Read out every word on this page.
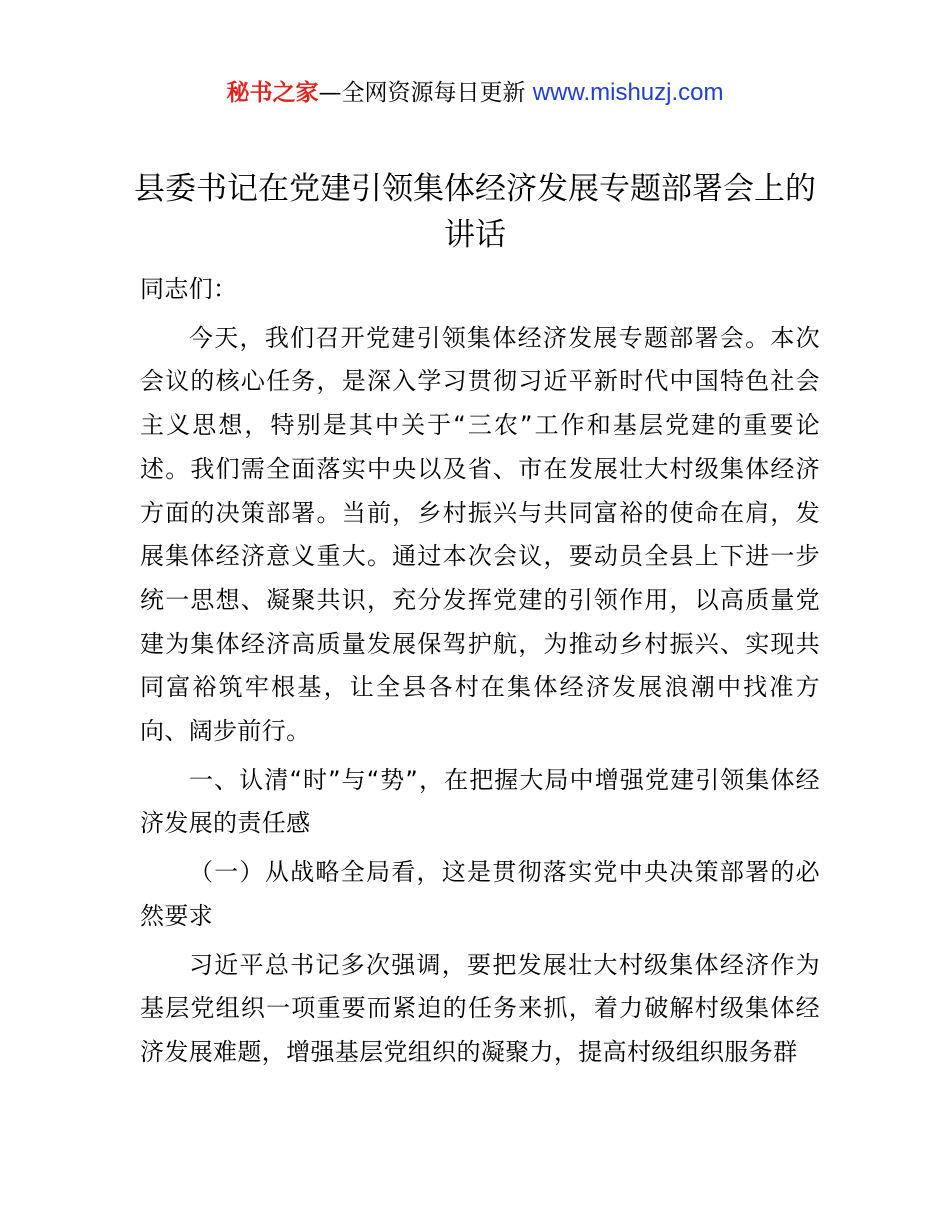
秘书之家—全网资源每日更新 www.mishuzj.com
县委书记在党建引领集体经济发展专题部署会上的讲话

同志们：

今天，我们召开党建引领集体经济发展专题部署会。本次会议的核心任务，是深入学习贯彻习近平新时代中国特色社会主义思想，特别是其中关于“三农”工作和基层党建的重要论述。我们需全面落实中央以及省、市在发展壮大村级集体经济方面的决策部署。当前，乡村振兴与共同富裕的使命在肩，发展集体经济意义重大。通过本次会议，要动员全县上下进一步统一思想、凝聚共识，充分发挥党建的引领作用，以高质量党建为集体经济高质量发展保驾护航，为推动乡村振兴、实现共同富裕筑牢根基，让全县各村在集体经济发展浪潮中找准方向、阔步前行。

一、认清“时”与“势”，在把握大局中增强党建引领集体经济发展的责任感

（一）从战略全局看，这是贯彻落实党中央决策部署的必然要求

习近平总书记多次强调，要把发展壮大村级集体经济作为基层党组织一项重要而紧迫的任务来抓，着力破解村级集体经济发展难题，增强基层党组织的凝聚力，提高村级组织服务群
